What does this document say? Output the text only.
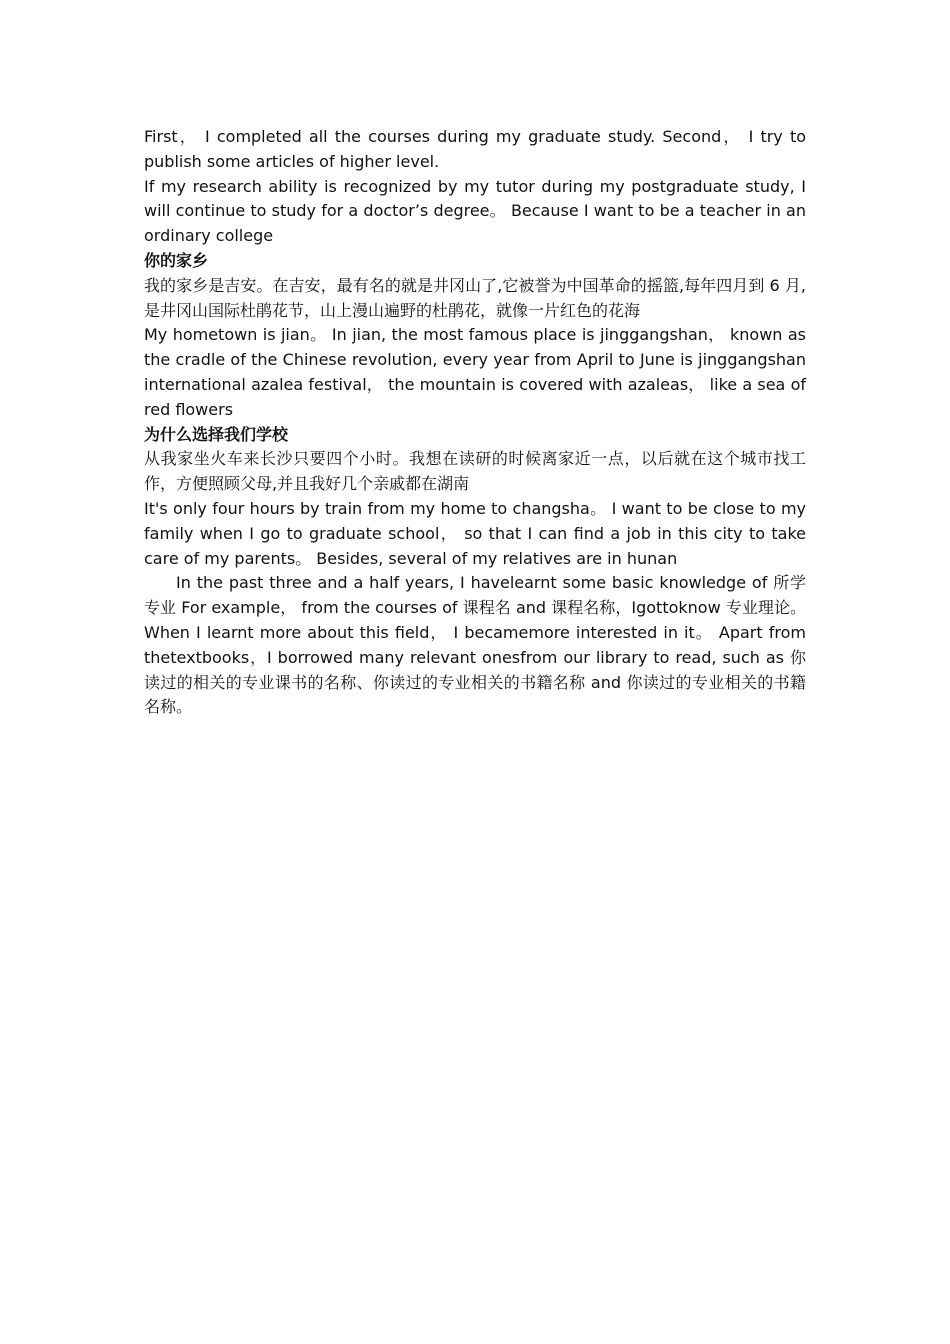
First， I completed all the courses during my graduate study. Second， I try to publish some articles of higher level.

If my research ability is recognized by my tutor during my postgraduate study, I will continue to study for a doctor’s degree。 Because I want to be a teacher in an ordinary college

你的家乡

我的家乡是吉安。在吉安，最有名的就是井冈山了,它被誉为中国革命的摇篮,每年四月到 6 月,是井冈山国际杜鹃花节，山上漫山遍野的杜鹃花，就像一片红色的花海

My hometown is jian。 In jian, the most famous place is jinggangshan， known as the cradle of the Chinese revolution, every year from April to June is jinggangshan international azalea festival， the mountain is covered with azaleas， like a sea of red flowers

为什么选择我们学校

从我家坐火车来长沙只要四个小时。我想在读研的时候离家近一点，以后就在这个城市找工作，方便照顾父母,并且我好几个亲戚都在湖南

It's only four hours by train from my home to changsha。 I want to be close to my family when I go to graduate school， so that I can find a job in this city to take care of my parents。 Besides, several of my relatives are in hunan

In the past three and a half years, I havelearnt some basic knowledge of 所学专业 For example， from the courses of 课程名 and 课程名称，Igottoknow 专业理论。When I learnt more about this field， I becamemore interested in it。 Apart from thetextbooks，I borrowed many relevant onesfrom our library to read, such as 你读过的相关的专业课书的名称、你读过的专业相关的书籍名称 and 你读过的专业相关的书籍名称。
